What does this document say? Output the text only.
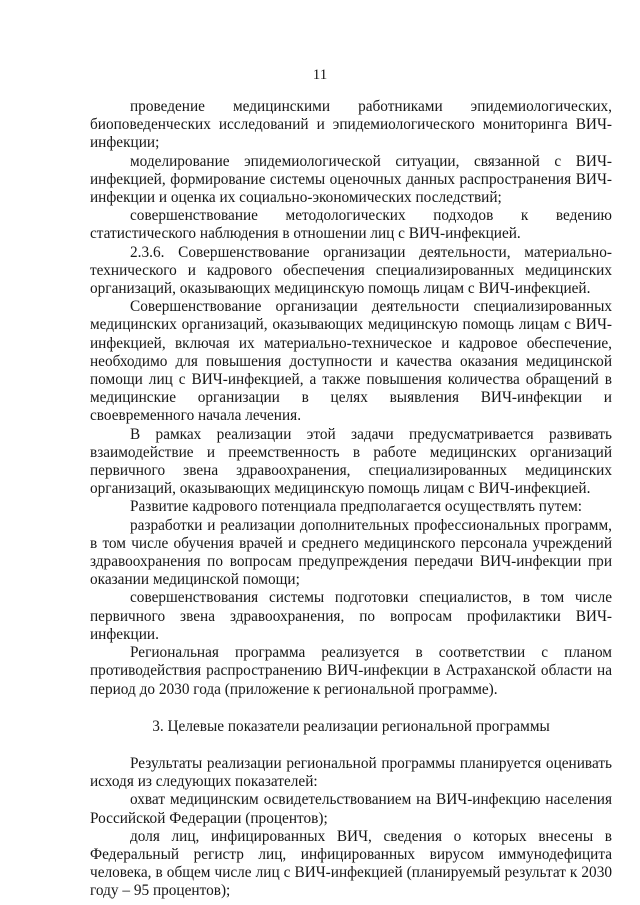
11

проведение медицинскими работниками эпидемиологических, биоповеденческих исследований и эпидемиологического мониторинга ВИЧ-инфекции;

моделирование эпидемиологической ситуации, связанной с ВИЧ-инфекцией, формирование системы оценочных данных распространения ВИЧ-инфекции и оценка их социально-экономических последствий;

совершенствование методологических подходов к ведению статистического наблюдения в отношении лиц с ВИЧ-инфекцией.

2.3.6. Совершенствование организации деятельности, материально-технического и кадрового обеспечения специализированных медицинских организаций, оказывающих медицинскую помощь лицам с ВИЧ-инфекцией.

Совершенствование организации деятельности специализированных медицинских организаций, оказывающих медицинскую помощь лицам с ВИЧ-инфекцией, включая их материально-техническое и кадровое обеспечение, необходимо для повышения доступности и качества оказания медицинской помощи лиц с ВИЧ-инфекцией, а также повышения количества обращений в медицинские организации в целях выявления ВИЧ-инфекции и своевременного начала лечения.

В рамках реализации этой задачи предусматривается развивать взаимодействие и преемственность в работе медицинских организаций первичного звена здравоохранения, специализированных медицинских организаций, оказывающих медицинскую помощь лицам с ВИЧ-инфекцией.

Развитие кадрового потенциала предполагается осуществлять путем:

разработки и реализации дополнительных профессиональных программ, в том числе обучения врачей и среднего медицинского персонала учреждений здравоохранения по вопросам предупреждения передачи ВИЧ-инфекции при оказании медицинской помощи;

совершенствования системы подготовки специалистов, в том числе первичного звена здравоохранения, по вопросам профилактики ВИЧ-инфекции.

Региональная программа реализуется в соответствии с планом противодействия распространению ВИЧ-инфекции в Астраханской области на период до 2030 года (приложение к региональной программе).

3. Целевые показатели реализации региональной программы

Результаты реализации региональной программы планируется оценивать исходя из следующих показателей:

охват медицинским освидетельствованием на ВИЧ-инфекцию населения Российской Федерации (процентов);

доля лиц, инфицированных ВИЧ, сведения о которых внесены в Федеральный регистр лиц, инфицированных вирусом иммунодефицита человека, в общем числе лиц с ВИЧ-инфекцией (планируемый результат к 2030 году – 95 процентов);
